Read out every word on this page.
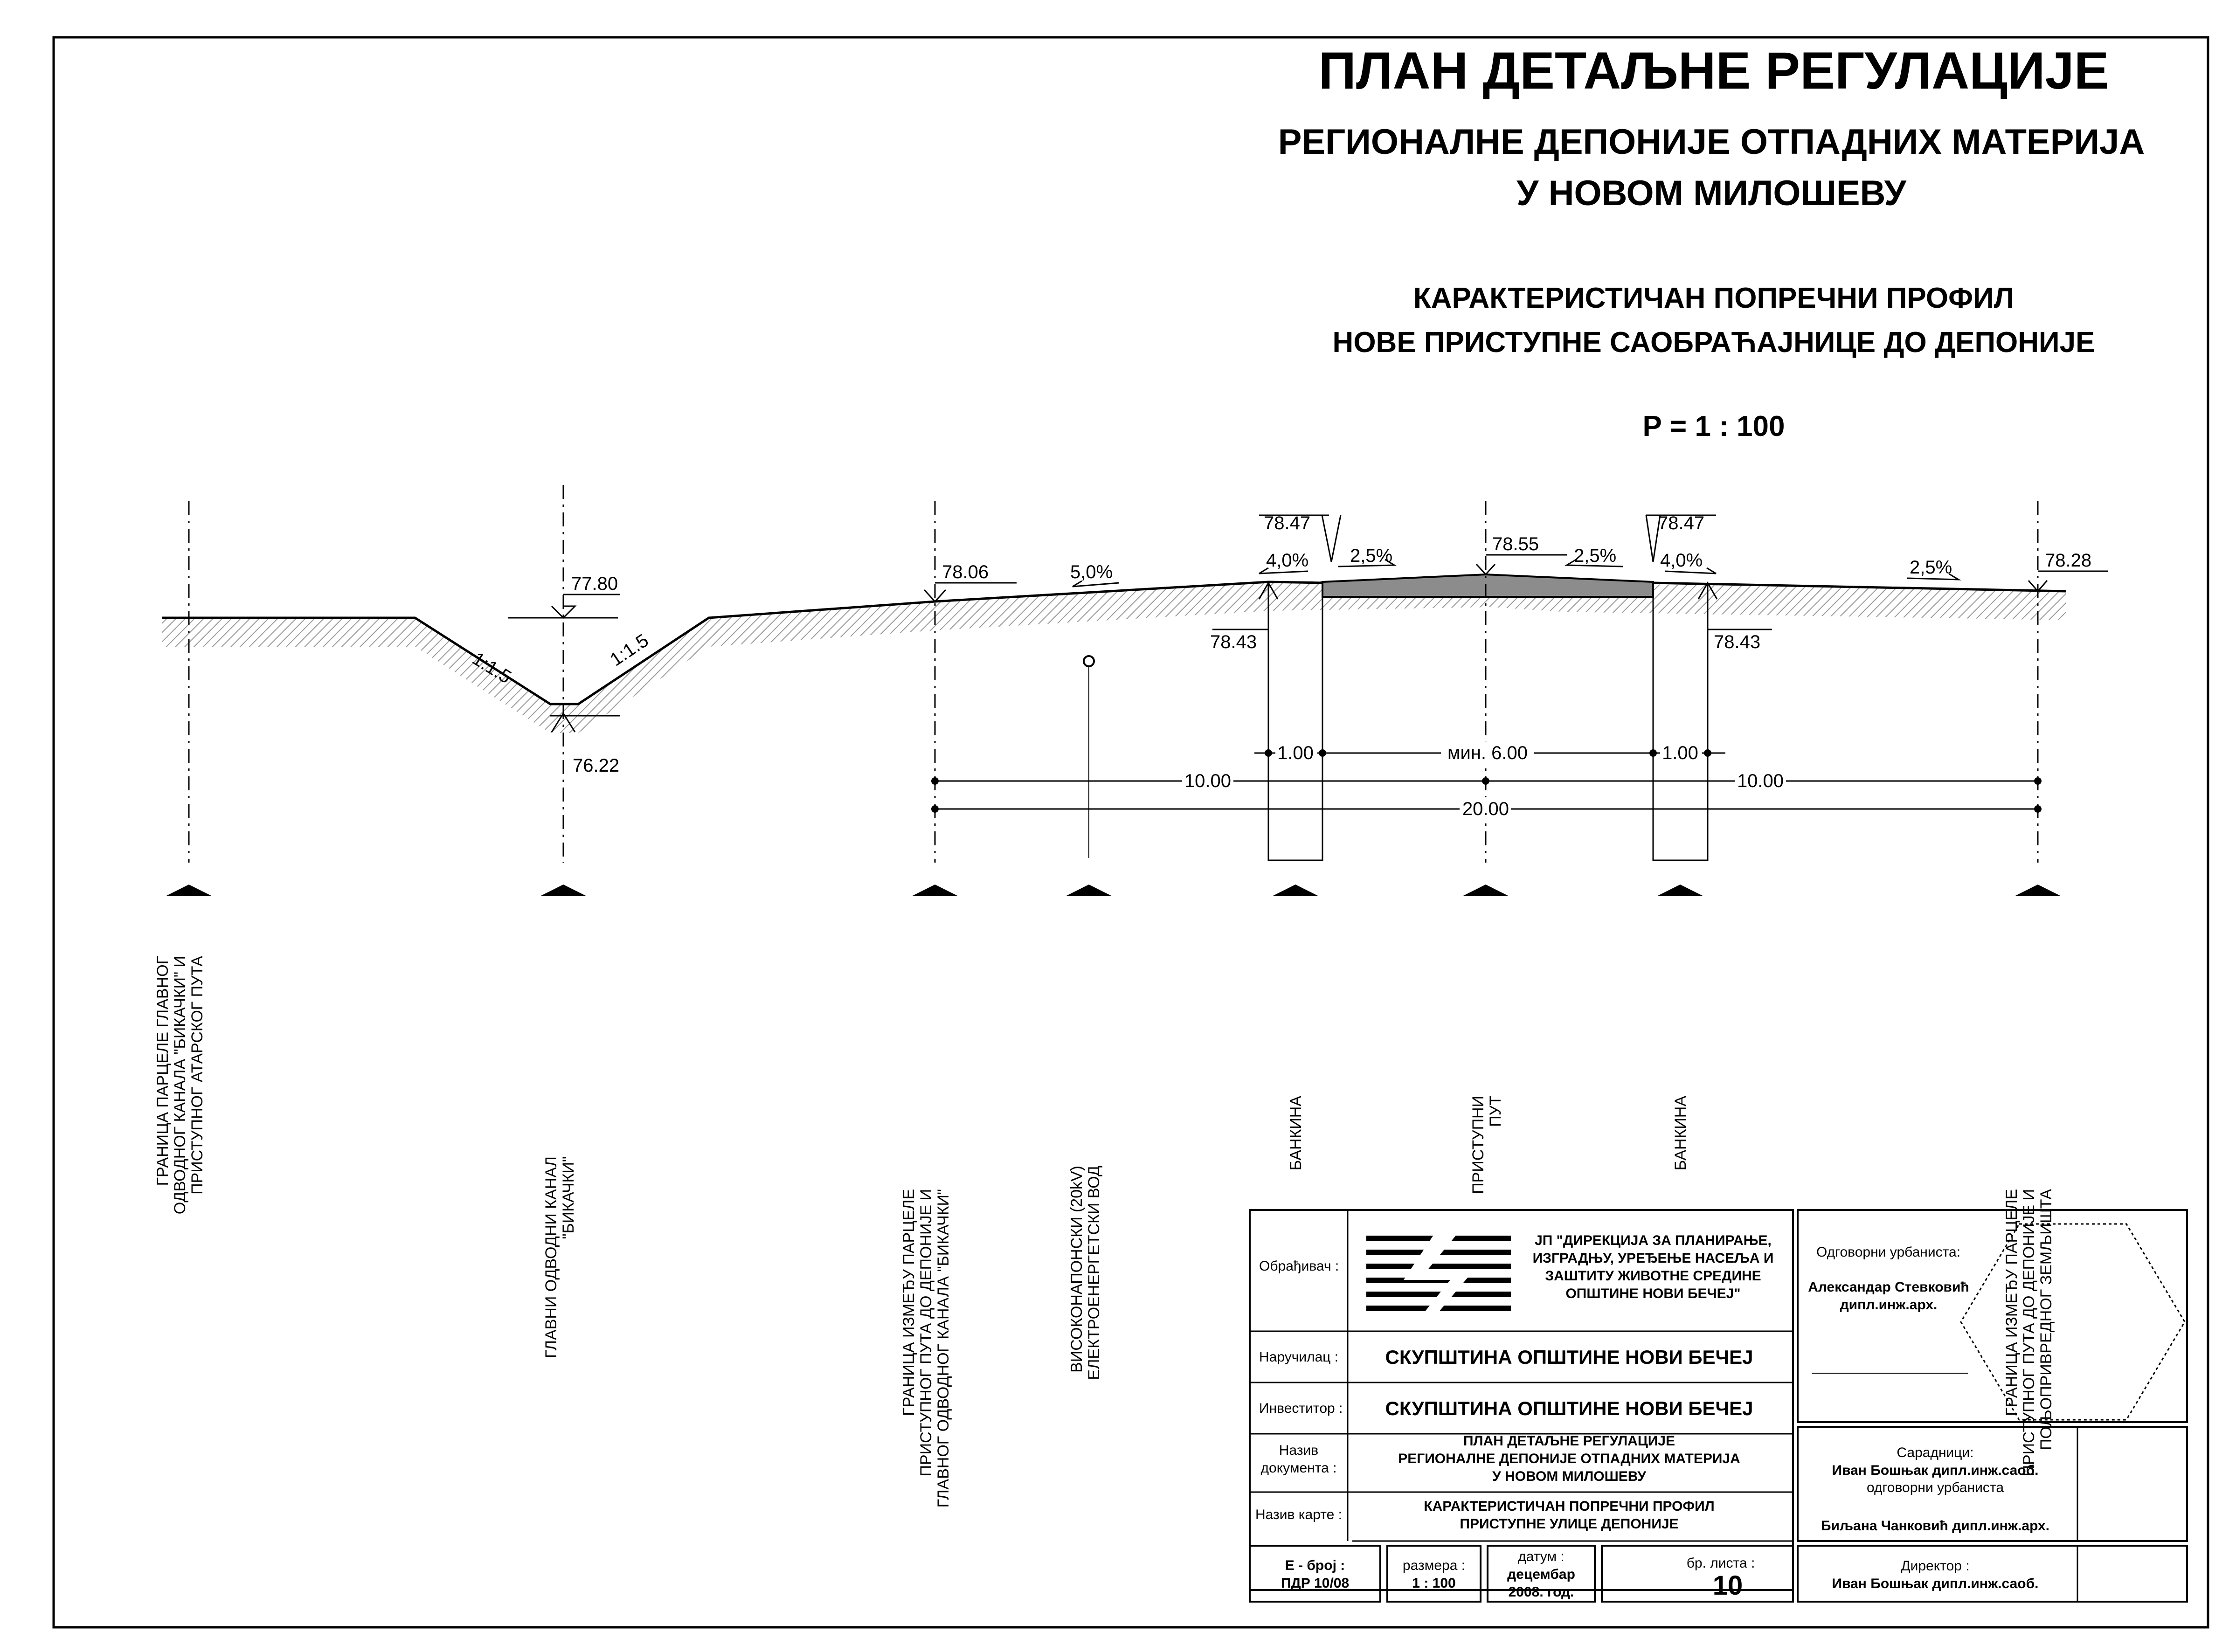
ПЛАН ДЕТАЉНЕ РЕГУЛАЦИЈЕ
РЕГИОНАЛНЕ ДЕПОНИЈЕ ОТПАДНИХ МАТЕРИЈА
У НОВОМ МИЛОШЕВУ
КАРАКТЕРИСТИЧАН ПОПРЕЧНИ ПРОФИЛ
НОВЕ ПРИСТУПНЕ САОБРАЋАЈНИЦЕ ДО ДЕПОНИЈЕ
Р = 1 : 100
77.80
76.22
78.06
78.47
78.43
78.55
78.47
78.43
78.28
1:1.5	1:1.5
5,0%
4,0% 2,5%	2,5% 4,0%	2,5%
1.00	мин. 6.00	1.00
10.00	10.00
20.00
ГРАНИЦА ПАРЦЕЛЕ ГЛАВНОГ ОДВОДНОГ КАНАЛА "БИКАЧКИ" И ПРИСТУПНОГ АТАРСКОГ ПУТА
ГЛАВНИ ОДВОДНИ КАНАЛ "БИКАЧКИ"	ГРАНИЦА ИЗМЕЂУ ПАРЦЕЛЕ ПРИСТУПНОГ ПУТА ДО ДЕПОНИЈЕ И ГЛАВНОГ ОДВОДНОГ КАНАЛА "БИКАЧКИ"	ВИСОКОНАПОНСКИ (20kV) ЕЛЕКТРОЕНЕРГЕТСКИ ВОД
БАНКИНА	ПРИСТУПНИ ПУТ	БАНКИНА
ГРАНИЦА ИЗМЕЂУ ПАРЦЕЛЕ ПРИСТУПНОГ ПУТА ДО ДЕПОНИЈЕ И ПОЉОПРИВРЕДНОГ ЗЕМЉИШТА
Обрађивач :
ЈП "ДИРЕКЦИЈА ЗА ПЛАНИРАЊЕ,
ИЗГРАДЊУ, УРЕЂЕЊЕ НАСЕЉА И
ЗАШТИТУ ЖИВОТНЕ СРЕДИНЕ
ОПШТИНЕ НОВИ БЕЧЕЈ"
Наручилац : СКУПШТИНА ОПШТИНЕ НОВИ БЕЧЕЈ
Инвеститор : СКУПШТИНА ОПШТИНЕ НОВИ БЕЧЕЈ
Назив
документа :
ПЛАН ДЕТАЉНЕ РЕГУЛАЦИЈЕ
РЕГИОНАЛНЕ ДЕПОНИЈЕ ОТПАДНИХ МАТЕРИЈА
У НОВОМ МИЛОШЕВУ
Назив карте :
КАРАКТЕРИСТИЧАН ПОПРЕЧНИ ПРОФИЛ
ПРИСТУПНЕ УЛИЦЕ ДЕПОНИЈЕ
Е - број :
ПДР 10/08
размера :
1 : 100
датум :
децембар
2008. год.
бр. листа :
10
Одговорни урбаниста:
Александар Стевковић
дипл.инж.арх.
Сарадници:
Иван Бошњак дипл.инж.саоб.
одговорни урбаниста
Биљана Чанковић дипл.инж.арх.
Директор :
Иван Бошњак дипл.инж.саоб.
